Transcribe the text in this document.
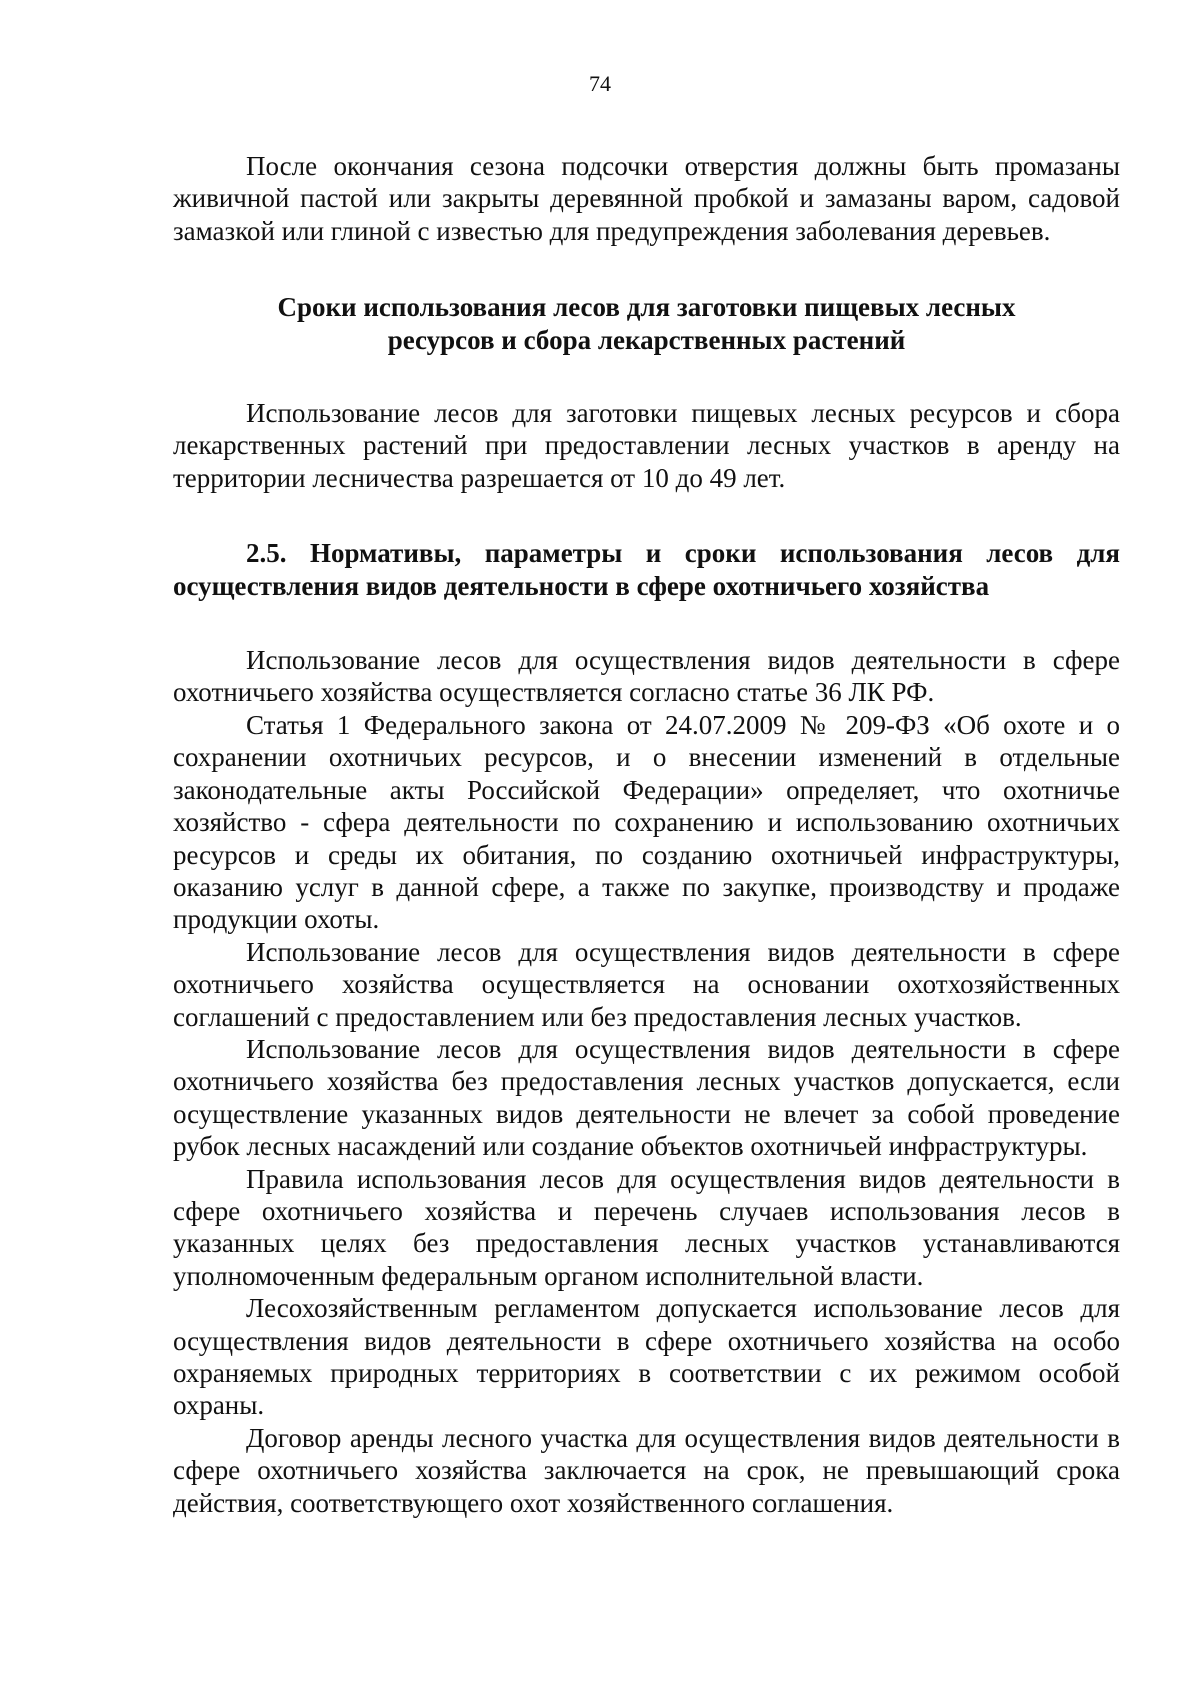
74

После окончания сезона подсочки отверстия должны быть промазаны живичной пастой или закрыты деревянной пробкой и замазаны варом, садовой замазкой или глиной с известью для предупреждения заболевания деревьев.

Сроки использования лесов для заготовки пищевых лесных
ресурсов и сбора лекарственных растений

Использование лесов для заготовки пищевых лесных ресурсов и сбора лекарственных растений при предоставлении лесных участков в аренду на территории лесничества разрешается от 10 до 49 лет.

2.5. Нормативы, параметры и сроки использования лесов для осуществления видов деятельности в сфере охотничьего хозяйства

Использование лесов для осуществления видов деятельности в сфере охотничьего хозяйства осуществляется согласно статье 36 ЛК РФ.

Статья 1 Федерального закона от 24.07.2009 № 209-ФЗ «Об охоте и о сохранении охотничьих ресурсов, и о внесении изменений в отдельные законодательные акты Российской Федерации» определяет, что охотничье хозяйство - сфера деятельности по сохранению и использованию охотничьих ресурсов и среды их обитания, по созданию охотничьей инфраструктуры, оказанию услуг в данной сфере, а также по закупке, производству и продаже продукции охоты.

Использование лесов для осуществления видов деятельности в сфере охотничьего хозяйства осуществляется на основании охотхозяйственных соглашений с предоставлением или без предоставления лесных участков.

Использование лесов для осуществления видов деятельности в сфере охотничьего хозяйства без предоставления лесных участков допускается, если осуществление указанных видов деятельности не влечет за собой проведение рубок лесных насаждений или создание объектов охотничьей инфраструктуры.

Правила использования лесов для осуществления видов деятельности в сфере охотничьего хозяйства и перечень случаев использования лесов в указанных целях без предоставления лесных участков устанавливаются уполномоченным федеральным органом исполнительной власти.

Лесохозяйственным регламентом допускается использование лесов для осуществления видов деятельности в сфере охотничьего хозяйства на особо охраняемых природных территориях в соответствии с их режимом особой охраны.

Договор аренды лесного участка для осуществления видов деятельности в сфере охотничьего хозяйства заключается на срок, не превышающий срока действия, соответствующего охот хозяйственного соглашения.
